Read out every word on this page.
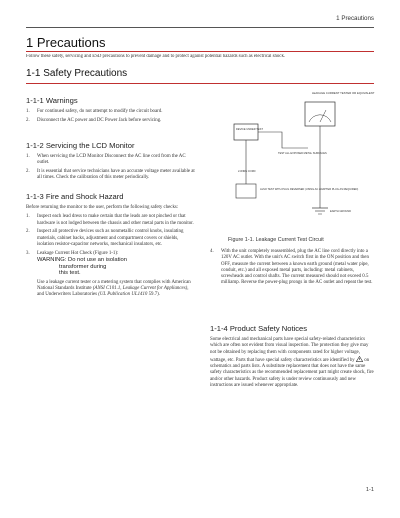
1 Precautions
1 Precautions
Follow these safety, servicing and ESD precautions to prevent damage and to protect against potential hazards such as electrical shock.
1-1 Safety Precautions
1-1-1 Warnings
1. For continued safety, do not attempt to modify the circuit board.
2. Disconnect the AC power and DC Power Jack before servicing.
1-1-2 Servicing the LCD Monitor
1. When servicing the LCD Monitor Disconnect the AC line cord from the AC outlet.
2. It is essential that service technicians have an accurate voltage meter available at all times. Check the calibration of this meter periodically.
1-1-3 Fire and Shock Hazard

Before returning the monitor to the user, perform the following safety checks:

1. Inspect each lead dress to make certain that the leads are not pinched or that hardware is not lodged between the chassis and other metal parts in the monitor.
2. Inspect all protective devices such as nonmetallic control knobs, insulating materials, cabinet backs, adjustment and compartment covers or shields, isolation resistor-capacitor networks, mechanical insulators, etc.
3. Leakage Current Hot Check (Figure 1-1):
WARNING: Do not use an isolation
transformer during
this test.

Use a leakage current tester or a metering system that complies with American National Standards Institute (ANSI C101.1, Leakage Current for Appliances), and Underwriters Laboratories (UL Publication UL1410 59.7).

LEAKAGE CURRENT TESTER OR EQUIVALENT
DEVICE UNDER TEST
TEST ALL EXPOSED METAL SURFACES
2-WIRE CORD
ALSO TEST WITH PLUG REVERSED (USING AC ADAPTER PLUG AS REQUIRED)
EARTH GROUND
Figure 1-1. Leakage Current Test Circuit
4. With the unit completely reassembled, plug the AC line cord directly into a 120V AC outlet. With the unit's AC switch first in the ON position and then OFF, measure the current between a known earth ground (metal water pipe, conduit, etc.) and all exposed metal parts, including: metal cabinets, screwheads and control shafts. The current measured should not exceed 0.5 milliamp. Reverse the power-plug prongs in the AC outlet and repeat the test.
1-1-4 Product Safety Notices

Some electrical and mechanical parts have special safety-related characteristics which are often not evident from visual inspection. The protection they give may not be obtained by replacing them with components rated for higher voltage, wattage, etc. Parts that have special safety characteristics are identified by on schematics and parts lists. A substitute replacement that does not have the same safety characteristics as the recommended replacement part might create shock, fire and/or other hazards. Product safety is under review continuously and new instructions are issued whenever appropriate.

1-1
